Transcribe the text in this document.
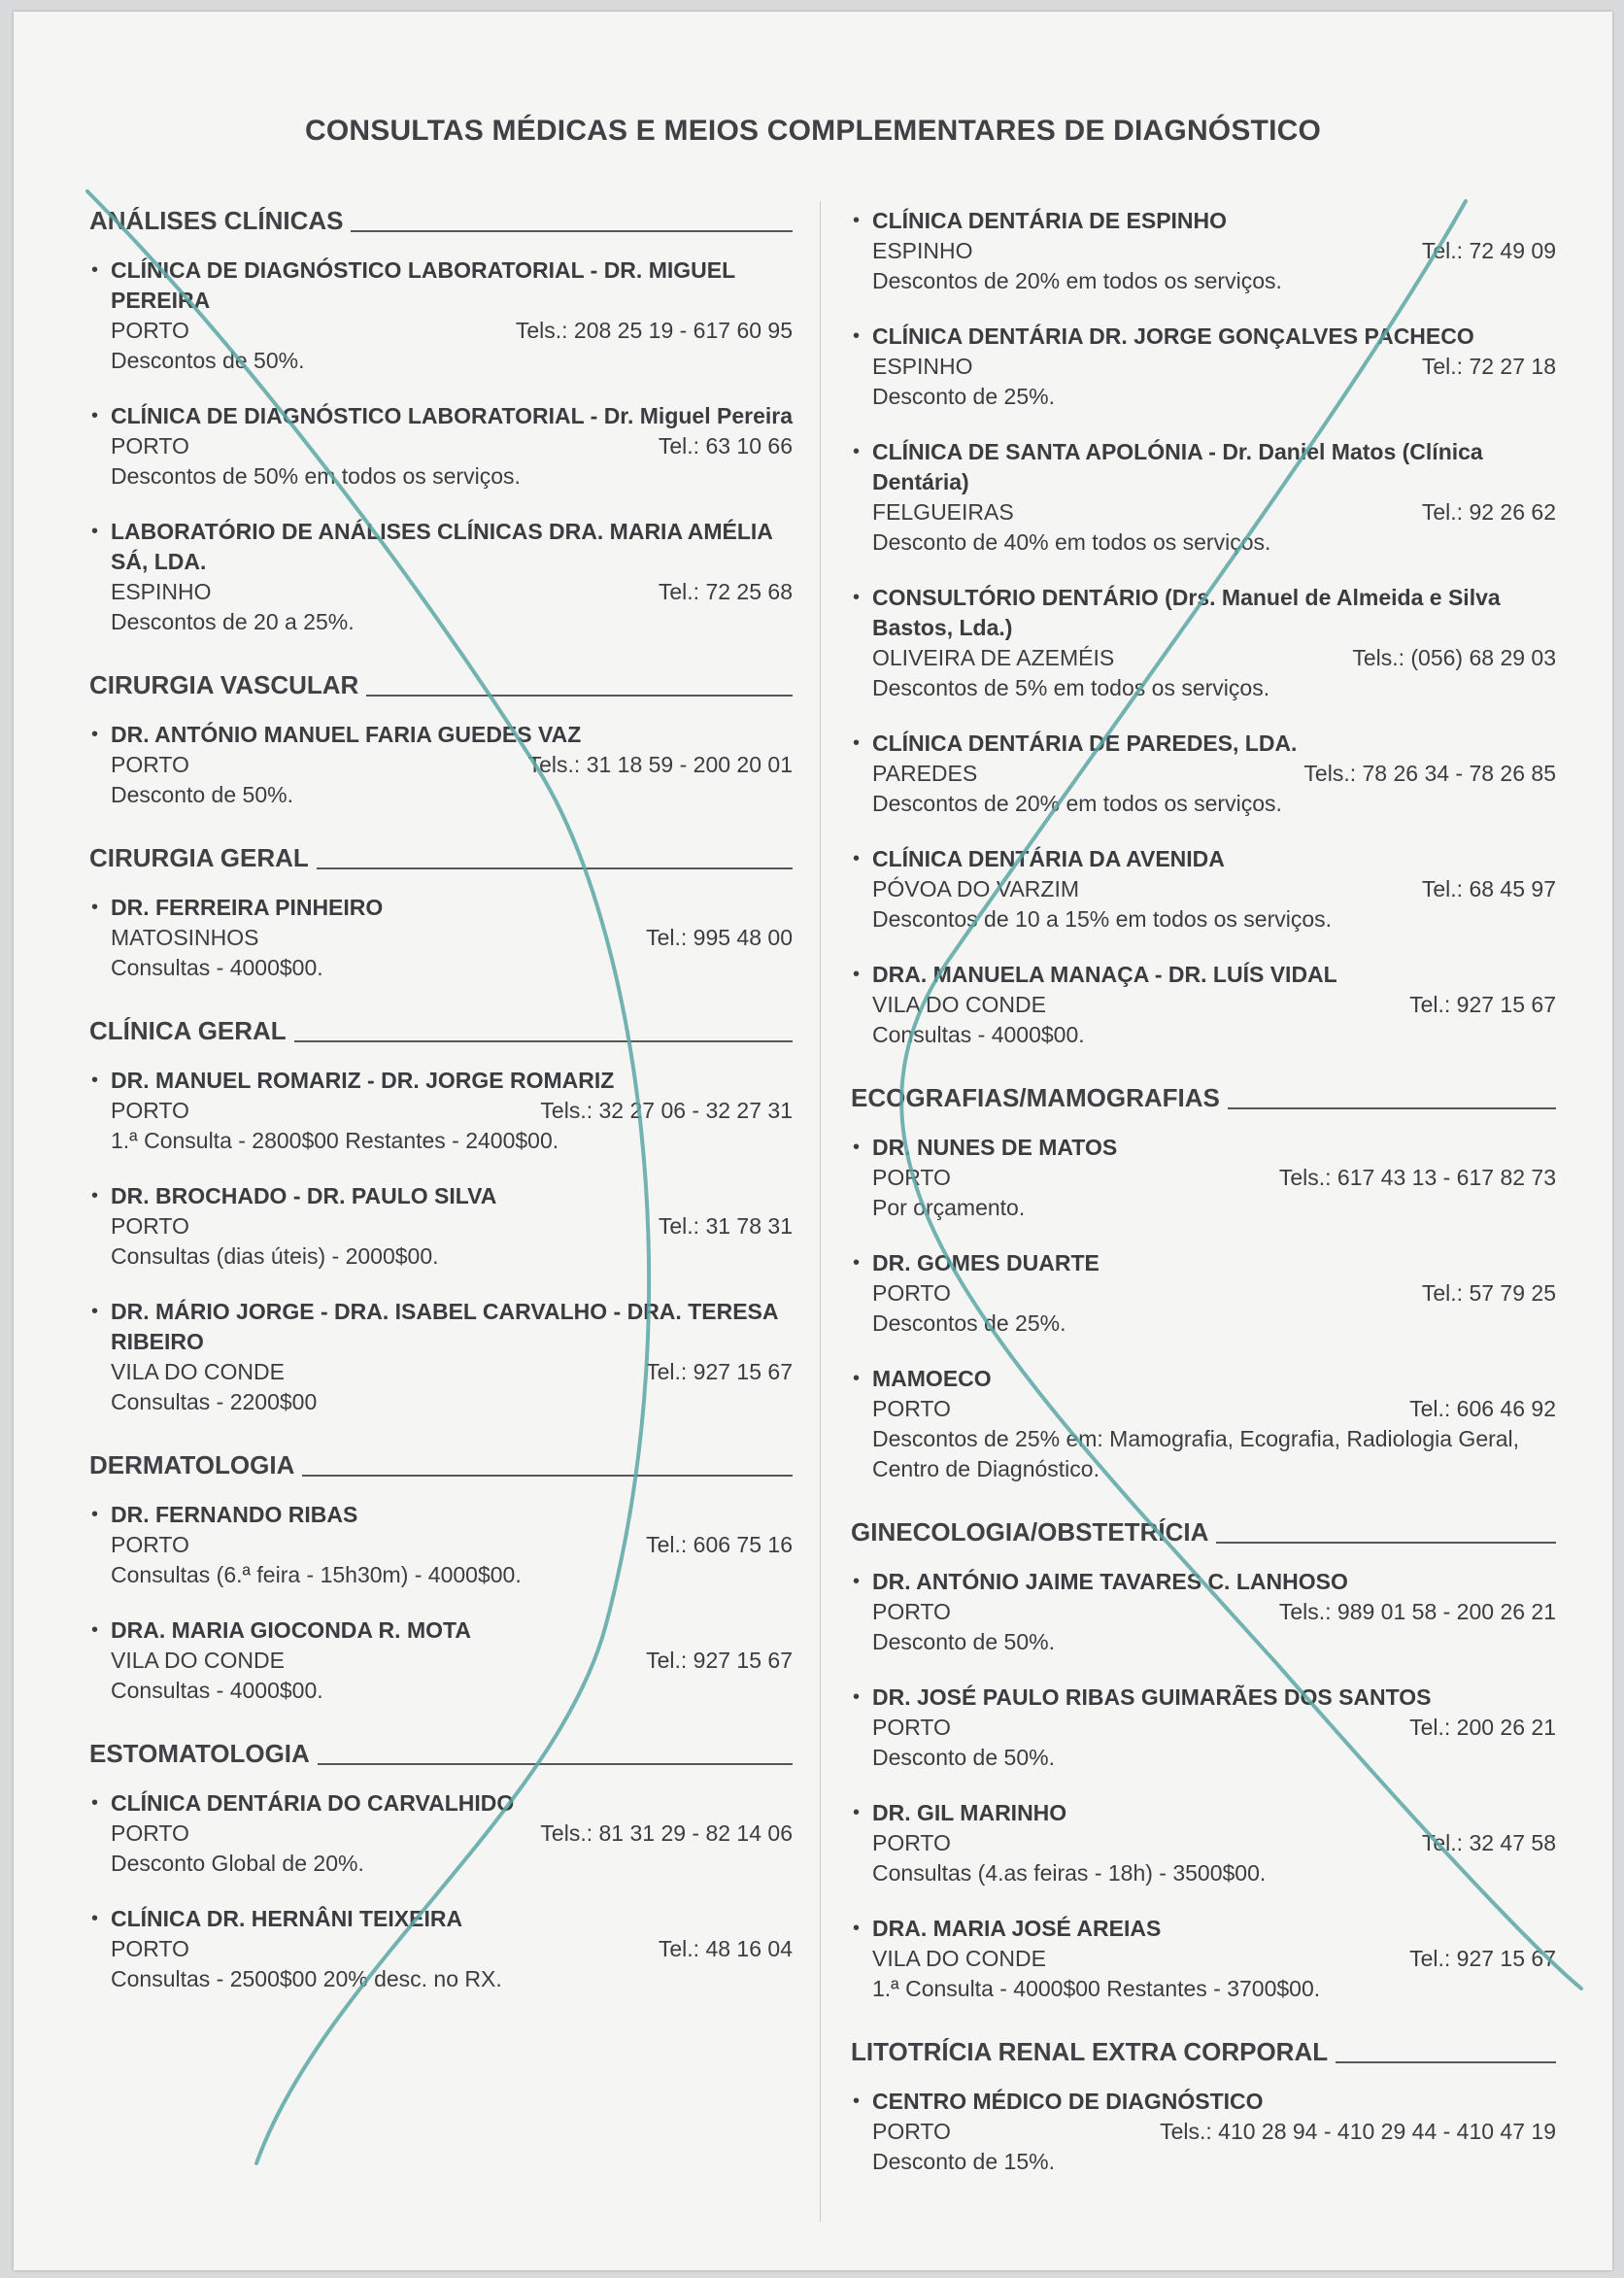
CONSULTAS MÉDICAS E MEIOS COMPLEMENTARES DE DIAGNÓSTICO
ANÁLISES CLÍNICAS
• CLÍNICA DE DIAGNÓSTICO LABORATORIAL - DR. MIGUEL PEREIRA
PORTO	Tels.: 208 25 19 - 617 60 95
Descontos de 50%.
• CLÍNICA DE DIAGNÓSTICO LABORATORIAL - Dr. Miguel Pereira
PORTO	Tel.: 63 10 66
Descontos de 50% em todos os serviços.
• LABORATÓRIO DE ANÁLISES CLÍNICAS DRA. MARIA AMÉLIA SÁ, LDA.
ESPINHO	Tel.: 72 25 68
Descontos de 20 a 25%.
CIRURGIA VASCULAR
• DR. ANTÓNIO MANUEL FARIA GUEDES VAZ
PORTO	Tels.: 31 18 59 - 200 20 01
Desconto de 50%.
CIRURGIA GERAL
• DR. FERREIRA PINHEIRO
MATOSINHOS	Tel.: 995 48 00
Consultas - 4000$00.
CLÍNICA GERAL
• DR. MANUEL ROMARIZ - DR. JORGE ROMARIZ
PORTO	Tels.: 32 27 06 - 32 27 31
1.ª Consulta - 2800$00 Restantes - 2400$00.
• DR. BROCHADO - DR. PAULO SILVA
PORTO	Tel.: 31 78 31
Consultas (dias úteis) - 2000$00.
• DR. MÁRIO JORGE - DRA. ISABEL CARVALHO - DRA. TERESA RIBEIRO
VILA DO CONDE	Tel.: 927 15 67
Consultas - 2200$00
DERMATOLOGIA
• DR. FERNANDO RIBAS
PORTO	Tel.: 606 75 16
Consultas (6.ª feira - 15h30m) - 4000$00.
• DRA. MARIA GIOCONDA R. MOTA
VILA DO CONDE	Tel.: 927 15 67
Consultas - 4000$00.
ESTOMATOLOGIA
• CLÍNICA DENTÁRIA DO CARVALHIDO
PORTO	Tels.: 81 31 29 - 82 14 06
Desconto Global de 20%.
• CLÍNICA DR. HERNÂNI TEIXEIRA
PORTO	Tel.: 48 16 04
Consultas - 2500$00 20% desc. no RX.
• CLÍNICA DENTÁRIA DE ESPINHO
ESPINHO	Tel.: 72 49 09
Descontos de 20% em todos os serviços.
• CLÍNICA DENTÁRIA DR. JORGE GONÇALVES PACHECO
ESPINHO	Tel.: 72 27 18
Desconto de 25%.
• CLÍNICA DE SANTA APOLÓNIA - Dr. Daniel Matos (Clínica Dentária)
FELGUEIRAS	Tel.: 92 26 62
Desconto de 40% em todos os serviços.
• CONSULTÓRIO DENTÁRIO (Drs. Manuel de Almeida e Silva Bastos, Lda.)
OLIVEIRA DE AZEMÉIS	Tels.: (056) 68 29 03
Descontos de 5% em todos os serviços.
• CLÍNICA DENTÁRIA DE PAREDES, LDA.
PAREDES	Tels.: 78 26 34 - 78 26 85
Descontos de 20% em todos os serviços.
• CLÍNICA DENTÁRIA DA AVENIDA
PÓVOA DO VARZIM	Tel.: 68 45 97
Descontos de 10 a 15% em todos os serviços.
• DRA. MANUELA MANAÇA - DR. LUÍS VIDAL
VILA DO CONDE	Tel.: 927 15 67
Consultas - 4000$00.
ECOGRAFIAS/MAMOGRAFIAS
• DR. NUNES DE MATOS
PORTO	Tels.: 617 43 13 - 617 82 73
Por orçamento.
• DR. GOMES DUARTE
PORTO	Tel.: 57 79 25
Descontos de 25%.
• MAMOECO
PORTO	Tel.: 606 46 92
Descontos de 25% em: Mamografia, Ecografia, Radiologia Geral, Centro de Diagnóstico.
GINECOLOGIA/OBSTETRÍCIA
• DR. ANTÓNIO JAIME TAVARES C. LANHOSO
PORTO	Tels.: 989 01 58 - 200 26 21
Desconto de 50%.
• DR. JOSÉ PAULO RIBAS GUIMARÃES DOS SANTOS
PORTO	Tel.: 200 26 21
Desconto de 50%.
• DR. GIL MARINHO
PORTO	Tel.: 32 47 58
Consultas (4.as feiras - 18h) - 3500$00.
• DRA. MARIA JOSÉ AREIAS
VILA DO CONDE	Tel.: 927 15 67
1.ª Consulta - 4000$00 Restantes - 3700$00.
LITOTRÍCIA RENAL EXTRA CORPORAL
• CENTRO MÉDICO DE DIAGNÓSTICO
PORTO	Tels.: 410 28 94 - 410 29 44 - 410 47 19
Desconto de 15%.
